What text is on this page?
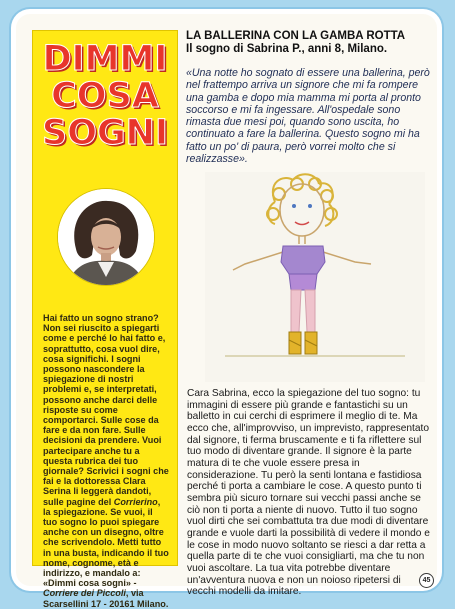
DIMMI
COSA
SOGNI
Hai fatto un sogno strano? Non sei riuscito a spiegarti come e perché lo hai fatto e, soprattutto, cosa vuol dire, cosa significhi. I sogni possono nascondere la spiegazione di nostri problemi e, se interpretati, possono anche darci delle risposte su come comportarci. Sulle cose da fare e da non fare. Sulle decisioni da prendere. Vuoi partecipare anche tu a questa rubrica dei tuo giornale? Scrivici i sogni che fai e la dottoressa Clara Serina li leggerà dandoti, sulle pagine del Corrierino, la spiegazione. Se vuoi, il tuo sogno lo puoi spiegare anche con un disegno, oltre che scrivendolo. Metti tutto in una busta, indicando il tuo nome, cognome, età e indirizzo, e mandalo a: «Dimmi cosa sogni» - Corriere dei Piccoli, via Scarsellini 17 - 20161 Milano.
LA BALLERINA CON LA GAMBA ROTTA
Il sogno di Sabrina P., anni 8, Milano.
«Una notte ho sognato di essere una ballerina, però nel frattempo arriva un signore che mi fa rompere una gamba e dopo mia mamma mi porta al pronto soccorso e mi fa ingessare. All'ospedale sono rimasta due mesi poi, quando sono uscita, ho continuato a fare la ballerina. Questo sogno mi ha fatto un po' di paura, però vorrei molto che si realizzasse».
Cara Sabrina, ecco la spiegazione del tuo sogno: tu immagini di essere più grande e fantastichi su un balletto in cui cerchi di esprimere il meglio di te. Ma ecco che, all'improvviso, un imprevisto, rappresentato dal signore, ti ferma bruscamente e ti fa riflettere sul tuo modo di diventare grande. Il signore è la parte matura di te che vuole essere presa in considerazione. Tu però la senti lontana e fastidiosa perché ti porta a cambiare le cose. A questo punto ti sembra più sicuro tornare sui vecchi passi anche se ciò non ti porta a niente di nuovo. Tutto il tuo sogno vuol dirti che sei combattuta tra due modi di diventare grande e vuole darti la possibilità di vedere il mondo e le cose in modo nuovo soltanto se riesci a dar retta a quella parte di te che vuoi consigliarti, ma che tu non vuoi ascoltare. La tua vita potrebbe diventare un'avventura nuova e non un noioso ripetersi di vecchi modelli da imitare.
45
